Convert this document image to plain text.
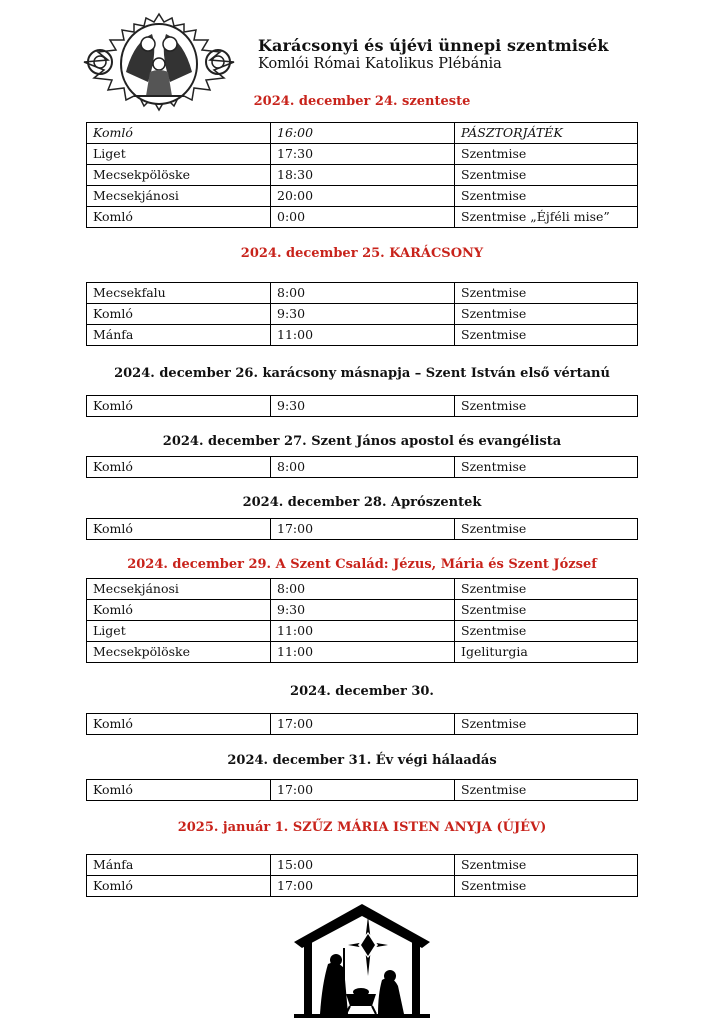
Karácsonyi és újévi ünnepi szentmisék
Komlói Római Katolikus Plébánia
2024. december 24. szenteste
Komló	16:00	PÁSZTORJÁTÉK
Liget	17:30	Szentmise
Mecsekpölöske	18:30	Szentmise
Mecsekjánosi	20:00	Szentmise
Komló	0:00	Szentmise „Éjféli mise”
2024. december 25. KARÁCSONY
Mecsekfalu	8:00	Szentmise
Komló	9:30	Szentmise
Mánfa	11:00	Szentmise
2024. december 26. karácsony másnapja – Szent István első vértanú
Komló	9:30	Szentmise
2024. december 27. Szent János apostol és evangélista
Komló	8:00	Szentmise
2024. december 28. Aprószentek
Komló	17:00	Szentmise
2024. december 29. A Szent Család: Jézus, Mária és Szent József
Mecsekjánosi	8:00	Szentmise
Komló	9:30	Szentmise
Liget	11:00	Szentmise
Mecsekpölöske	11:00	Igeliturgia
2024. december 30.
Komló	17:00	Szentmise
2024. december 31. Év végi hálaadás
Komló	17:00	Szentmise
2025. január 1. SZŰZ MÁRIA ISTEN ANYJA (ÚJÉV)
Mánfa	15:00	Szentmise
Komló	17:00	Szentmise
